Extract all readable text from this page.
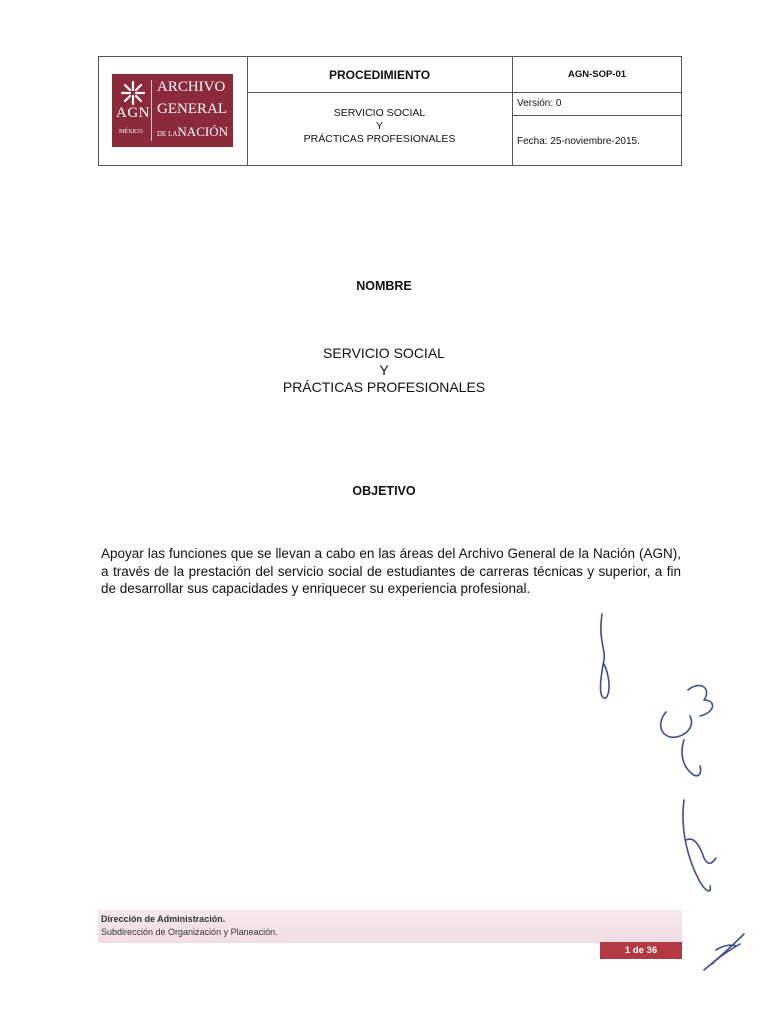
AGN
MÉXICO
ARCHIVO
GENERAL
DE LANACIÓN
PROCEDIMIENTO
SERVICIO SOCIAL
Y
PRÁCTICAS PROFESIONALES
AGN-SOP-01
Versión: 0
Fecha: 25-noviembre-2015.
NOMBRE
SERVICIO SOCIAL
Y
PRÁCTICAS PROFESIONALES
OBJETIVO
Apoyar las funciones que se llevan a cabo en las áreas del Archivo General de la Nación (AGN), a través de la prestación del servicio social de estudiantes de carreras técnicas y superior, a fin de desarrollar sus capacidades y enriquecer su experiencia profesional.
Dirección de Administración.
Subdirección de Organización y Planeación.
1 de 36
